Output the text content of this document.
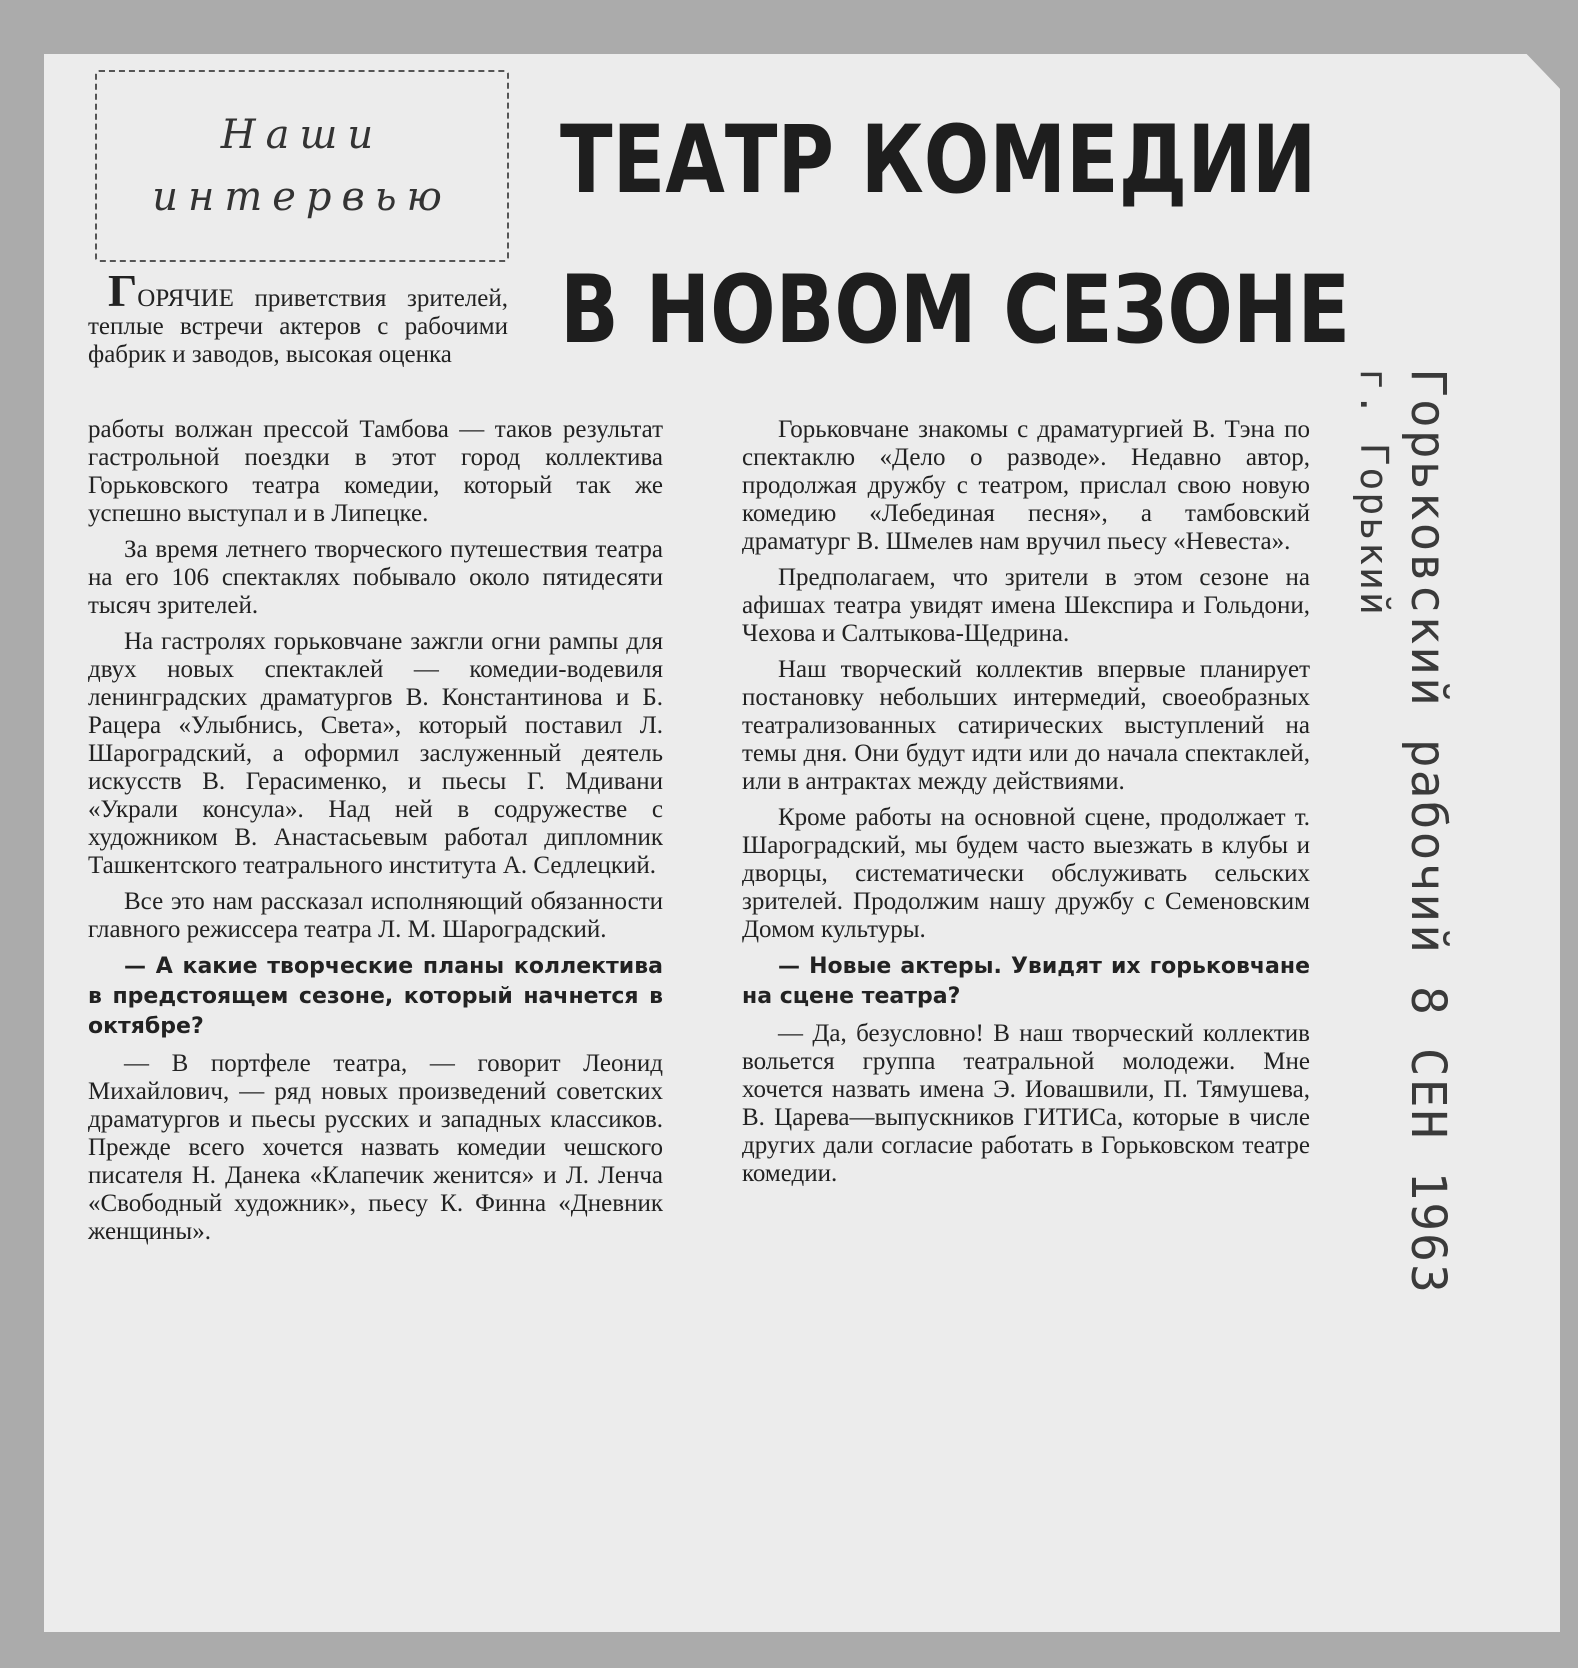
Наши
интервью ТЕАТР КОМЕДИИ
В НОВОМ СЕЗОНЕ

ГОРЯЧИЕ приветствия зрителей, теплые встречи актеров с рабочими фабрик и заводов, высокая оценка

работы волжан прессой Тамбова — таков результат гастрольной поездки в этот город коллектива Горьковского театра комедии, который так же успешно выступал и в Липецке.

За время летнего творческого путешествия театра на его 106 спектаклях побывало около пятидесяти тысяч зрителей.

На гастролях горьковчане зажгли огни рампы для двух новых спектаклей — комедии-водевиля ленинградских драматургов В. Константинова и Б. Рацера «Улыбнись, Света», который поставил Л. Шароградский, а оформил заслуженный деятель искусств В. Герасименко, и пьесы Г. Мдивани «Украли консула». Над ней в содружестве с художником В. Анастасьевым работал дипломник Ташкентского театрального института А. Седлецкий.

Все это нам рассказал исполняющий обязанности главного режиссера театра Л. М. Шароградский.

— А какие творческие планы коллектива в предстоящем сезоне, который начнется в октябре?

— В портфеле театра, — говорит Леонид Михайлович, — ряд новых произведений советских драматургов и пьесы русских и западных классиков. Прежде всего хочется назвать комедии чешского писателя Н. Данека «Клапечик женится» и Л. Ленча «Свободный художник», пьесу К. Финна «Дневник женщины».

Горьковчане знакомы с драматургией В. Тэна по спектаклю «Дело о разводе». Недавно автор, продолжая дружбу с театром, прислал свою новую комедию «Лебединая песня», а тамбовский драматург В. Шмелев нам вручил пьесу «Невеста».

Предполагаем, что зрители в этом сезоне на афишах театра увидят имена Шекспира и Гольдони, Чехова и Салтыкова-Щедрина.

Наш творческий коллектив впервые планирует постановку небольших интермедий, своеобразных театрализованных сатирических выступлений на темы дня. Они будут идти или до начала спектаклей, или в антрактах между действиями.

Кроме работы на основной сцене, продолжает т. Шароградский, мы будем часто выезжать в клубы и дворцы, систематически обслуживать сельских зрителей. Продолжим нашу дружбу с Семеновским Домом культуры.

— Новые актеры. Увидят их горьковчане на сцене театра?

— Да, безусловно! В наш творческий коллектив вольется группа театральной молодежи. Мне хочется назвать имена Э. Иовашвили, П. Тямушева, В. Царева—выпускников ГИТИСа, которые в числе других дали согласие работать в Горьковском театре комедии.	Горьковский рабочий 8 СЕН 1963
г. Горький
